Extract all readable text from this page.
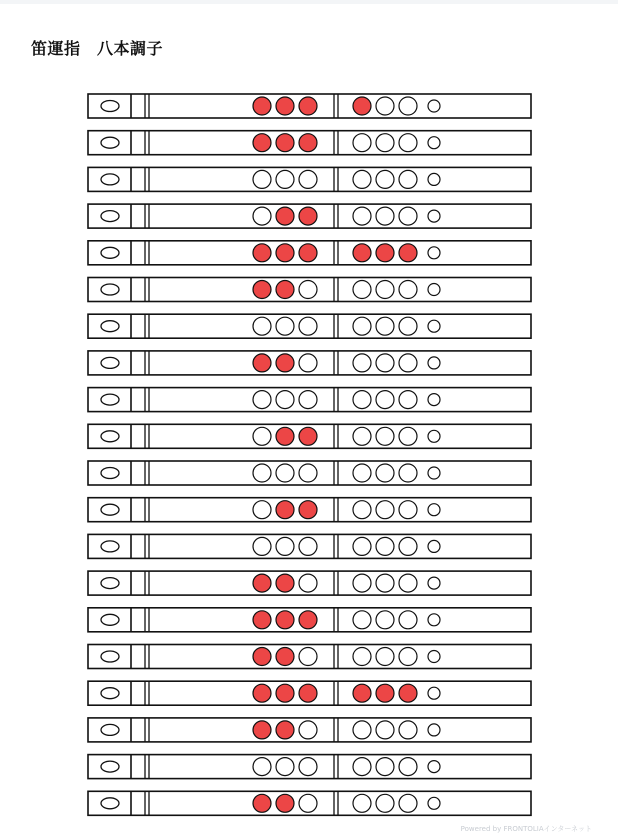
笛運指　八本調子
Powered by FRONTOLIAインターネット
